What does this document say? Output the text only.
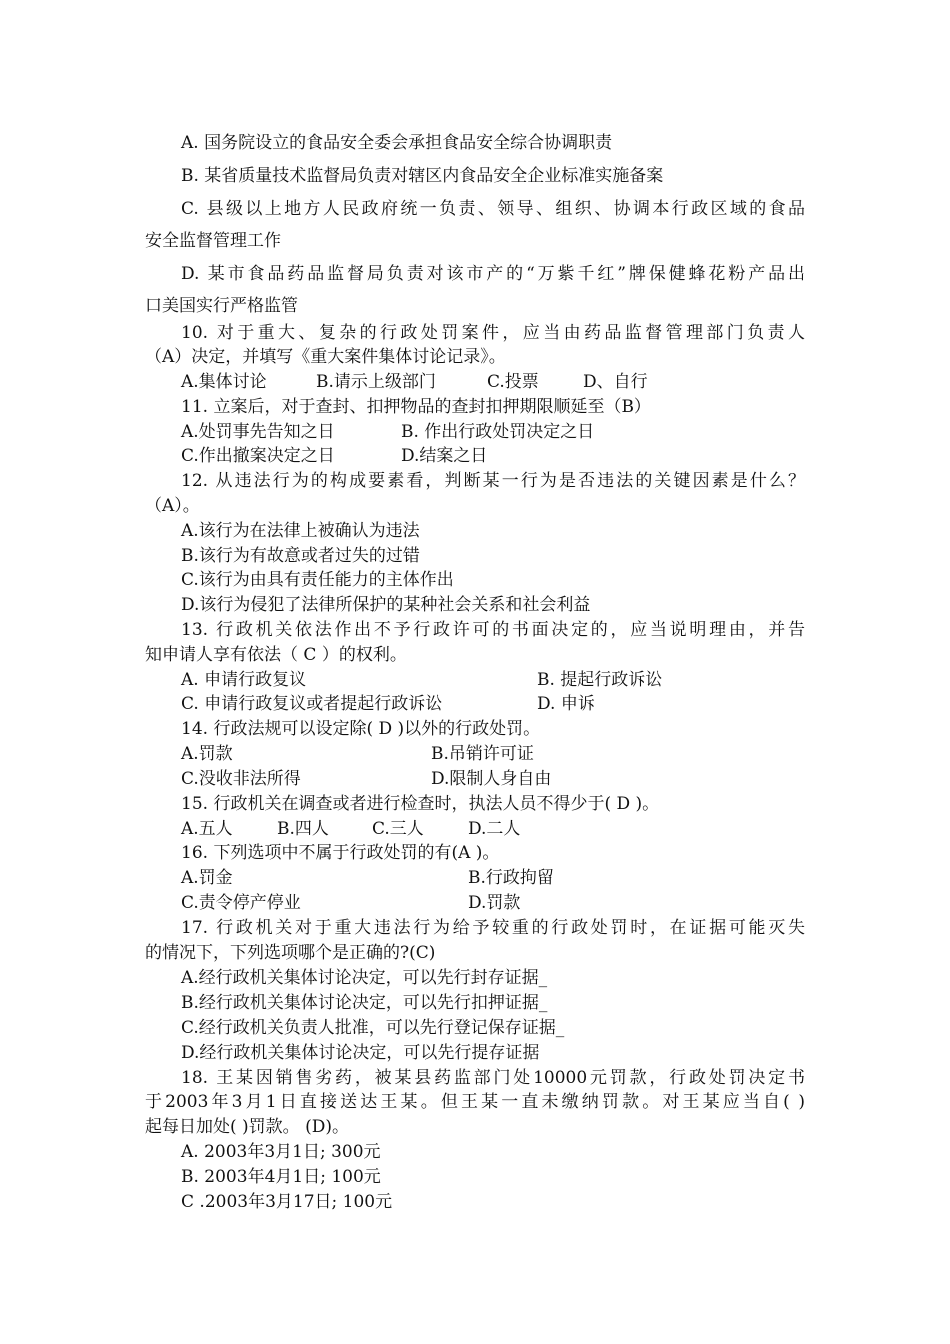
A. 国务院设立的食品安全委会承担食品安全综合协调职责
B. 某省质量技术监督局负责对辖区内食品安全企业标准实施备案
C. 县级以上地方人民政府统一负责、领导、组织、协调本行政区域的食品
安全监督管理工作
D. 某市食品药品监督局负责对该市产的“万紫千红”牌保健蜂花粉产品出
口美国实行严格监管
10. 对于重大、复杂的行政处罚案件，应当由药品监督管理部门负责人
（A）决定，并填写《重大案件集体讨论记录》。
A.集体讨论	B.请示上级部门	C.投票	D、自行
11. 立案后，对于查封、扣押物品的查封扣押期限顺延至（B）
A.处罚事先告知之日	B. 作出行政处罚决定之日
C.作出撤案决定之日	D.结案之日
12. 从违法行为的构成要素看，判断某一行为是否违法的关键因素是什么？
（A）。
A.该行为在法律上被确认为违法
B.该行为有故意或者过失的过错
C.该行为由具有责任能力的主体作出
D.该行为侵犯了法律所保护的某种社会关系和社会利益
13. 行政机关依法作出不予行政许可的书面决定的，应当说明理由，并告
知申请人享有依法（ C ）的权利。
A. 申请行政复议	B. 提起行政诉讼
C. 申请行政复议或者提起行政诉讼	D. 申诉
14. 行政法规可以设定除( D )以外的行政处罚。
A.罚款	B.吊销许可证
C.没收非法所得	D.限制人身自由
15. 行政机关在调查或者进行检查时，执法人员不得少于( D )。
A.五人	B.四人	C.三人	D.二人
16. 下列选项中不属于行政处罚的有(A )。
A.罚金	B.行政拘留
C.责令停产停业	D.罚款
17. 行政机关对于重大违法行为给予较重的行政处罚时，在证据可能灭失
的情况下，下列选项哪个是正确的?(C)
A.经行政机关集体讨论决定，可以先行封存证据_
B.经行政机关集体讨论决定，可以先行扣押证据_
C.经行政机关负责人批准，可以先行登记保存证据_
D.经行政机关集体讨论决定，可以先行提存证据
18. 王某因销售劣药，被某县药监部门处10000元罚款，行政处罚决定书
于2003年3月1日直接送达王某。但王某一直未缴纳罚款。对王某应当自( )
起每日加处( )罚款。 (D)。
A. 2003年3月1日; 300元
B. 2003年4月1日; 100元
C .2003年3月17日; 100元
